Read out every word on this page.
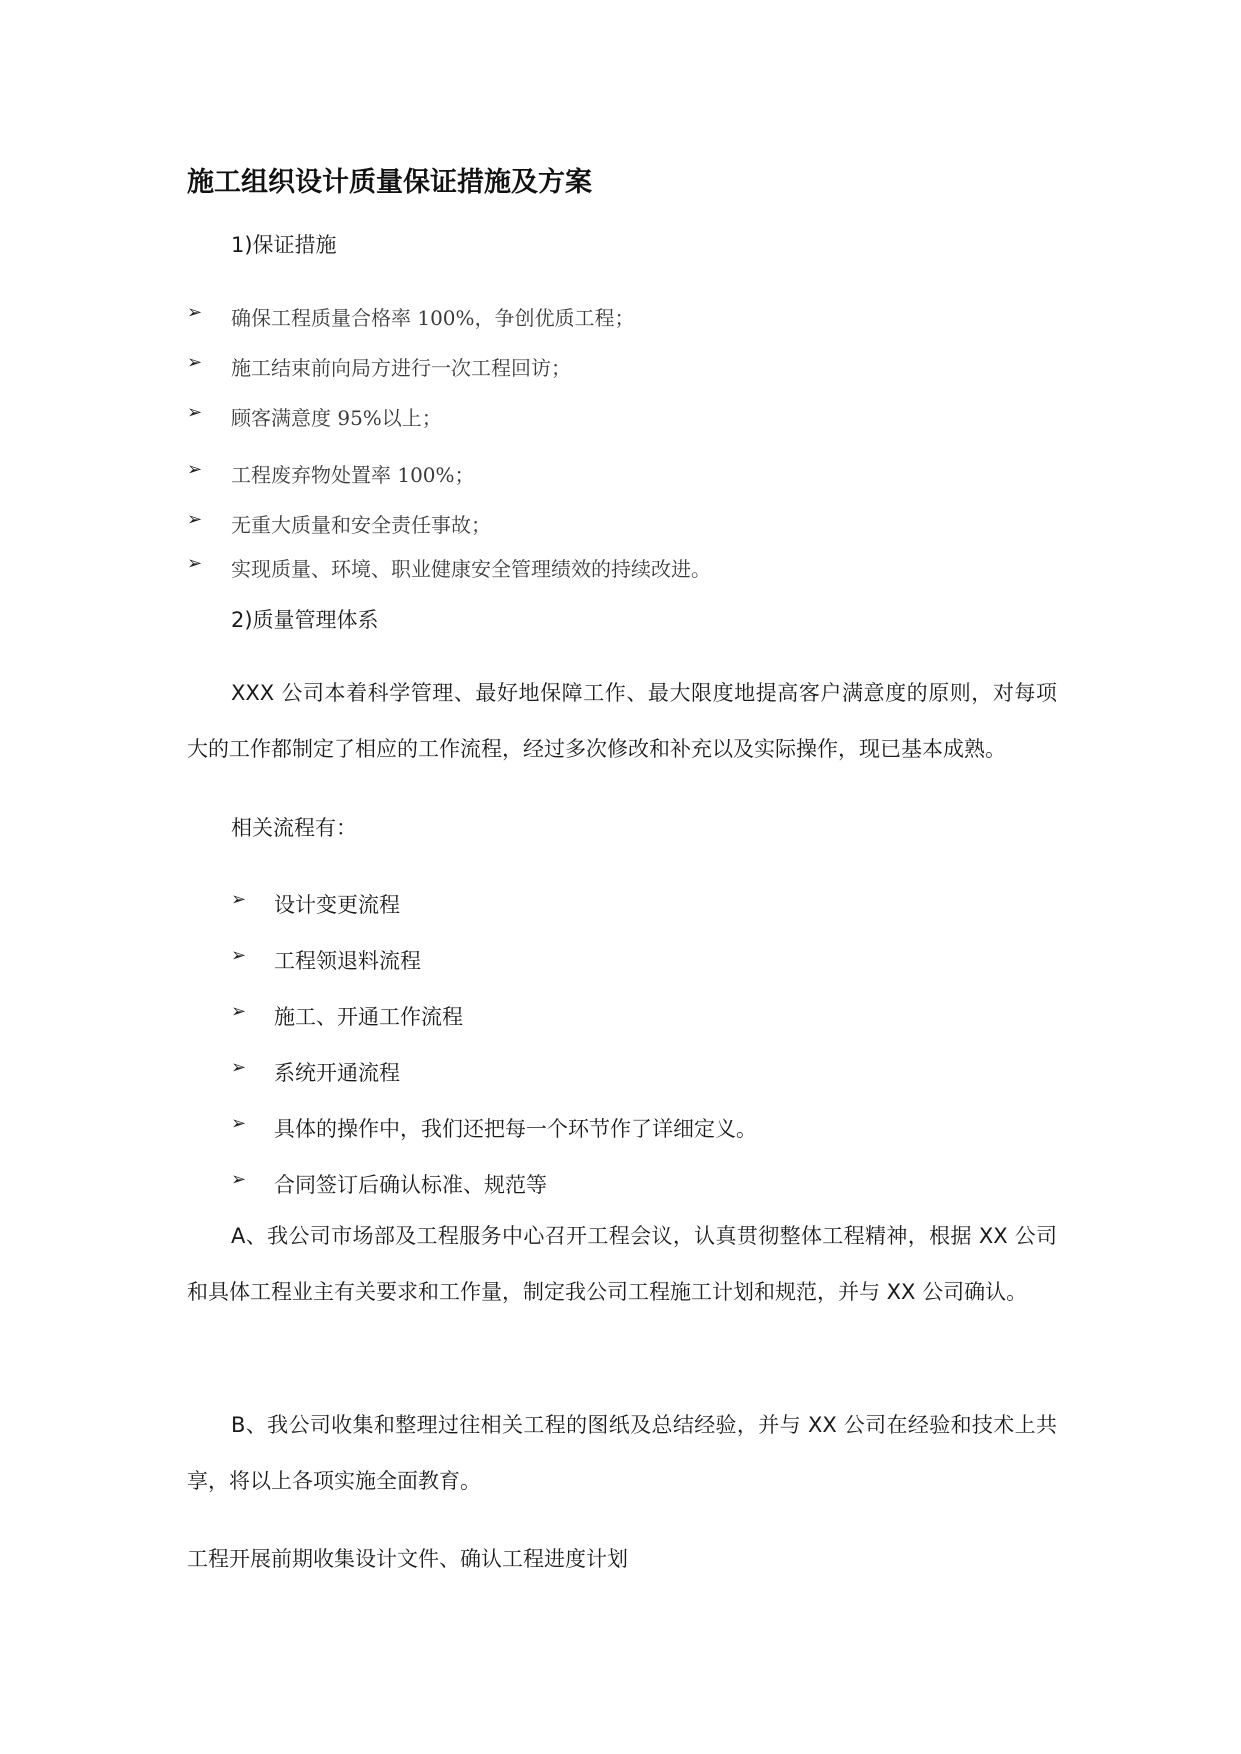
施工组织设计质量保证措施及方案
1)保证措施
➢ 确保工程质量合格率 100%，争创优质工程；
➢ 施工结束前向局方进行一次工程回访；
➢ 顾客满意度 95%以上；
➢ 工程废弃物处置率 100%；
➢ 无重大质量和安全责任事故；
➢ 实现质量、环境、职业健康安全管理绩效的持续改进。
2)质量管理体系

XXX 公司本着科学管理、最好地保障工作、最大限度地提高客户满意度的原则，对每项大的工作都制定了相应的工作流程，经过多次修改和补充以及实际操作，现已基本成熟。

相关流程有：
➢ 设计变更流程
➢ 工程领退料流程
➢ 施工、开通工作流程
➢ 系统开通流程
➢ 具体的操作中，我们还把每一个环节作了详细定义。
➢ 合同签订后确认标准、规范等

A、我公司市场部及工程服务中心召开工程会议，认真贯彻整体工程精神，根据 XX 公司和具体工程业主有关要求和工作量，制定我公司工程施工计划和规范，并与 XX 公司确认。

B、我公司收集和整理过往相关工程的图纸及总结经验，并与 XX 公司在经验和技术上共享，将以上各项实施全面教育。

工程开展前期收集设计文件、确认工程进度计划
